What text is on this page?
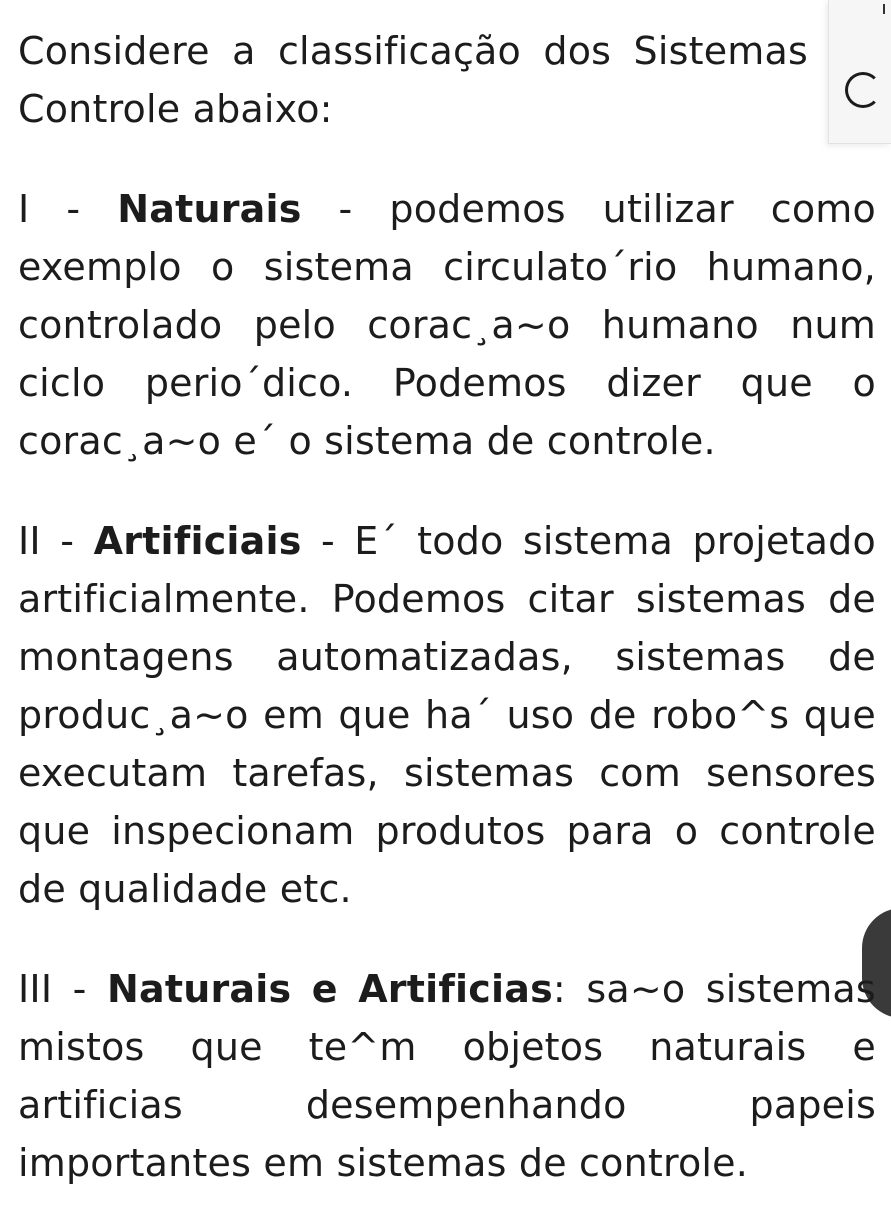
Considere a classificação dos Sistemas
Controle abaixo:
I - Naturais - podemos utilizar como
exemplo o sistema circulato´rio humano,
controlado pelo corac¸a~o humano num
ciclo perio´dico. Podemos dizer que o
corac¸a~o e´ o sistema de controle.
II - Artificiais - E´ todo sistema projetado
artificialmente. Podemos citar sistemas de
montagens automatizadas, sistemas de
produc¸a~o em que ha´ uso de robo^s que
executam tarefas, sistemas com sensores
que inspecionam produtos para o controle
de qualidade etc.
III - Naturais e Artificias: sa~o sistemas
mistos que te^m objetos naturais e
artificias	desempenhando	papeis
importantes em sistemas de controle.
